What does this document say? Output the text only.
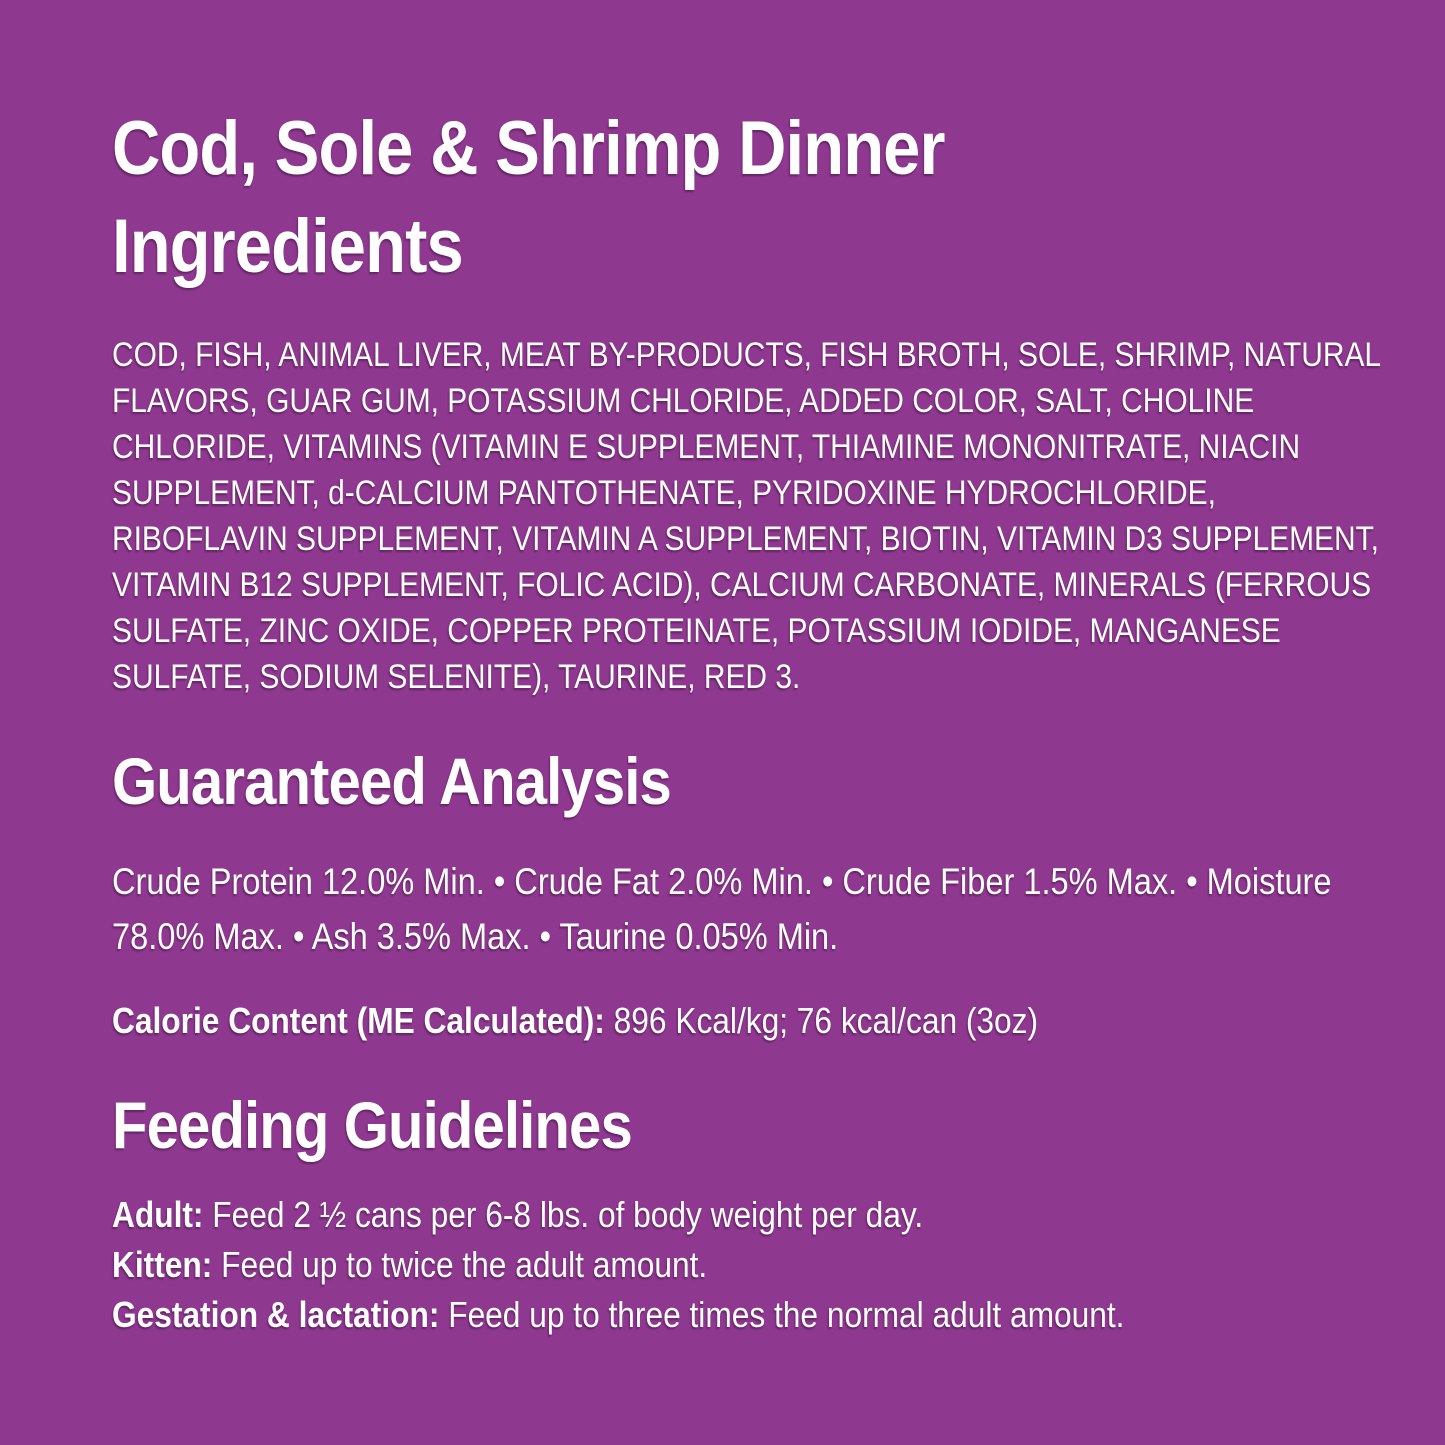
Cod, Sole & Shrimp Dinner
Ingredients

COD, FISH, ANIMAL LIVER, MEAT BY-PRODUCTS, FISH BROTH, SOLE, SHRIMP, NATURAL FLAVORS, GUAR GUM, POTASSIUM CHLORIDE, ADDED COLOR, SALT, CHOLINE CHLORIDE, VITAMINS (VITAMIN E SUPPLEMENT, THIAMINE MONONITRATE, NIACIN SUPPLEMENT, d-CALCIUM PANTOTHENATE, PYRIDOXINE HYDROCHLORIDE, RIBOFLAVIN SUPPLEMENT, VITAMIN A SUPPLEMENT, BIOTIN, VITAMIN D3 SUPPLEMENT, VITAMIN B12 SUPPLEMENT, FOLIC ACID), CALCIUM CARBONATE, MINERALS (FERROUS SULFATE, ZINC OXIDE, COPPER PROTEINATE, POTASSIUM IODIDE, MANGANESE SULFATE, SODIUM SELENITE), TAURINE, RED 3.

Guaranteed Analysis

Crude Protein 12.0% Min. • Crude Fat 2.0% Min. • Crude Fiber 1.5% Max. • Moisture 78.0% Max. • Ash 3.5% Max. • Taurine 0.05% Min.

Calorie Content (ME Calculated): 896 Kcal/kg; 76 kcal/can (3oz)

Feeding Guidelines
Adult: Feed 2 ½ cans per 6-8 lbs. of body weight per day.
Kitten: Feed up to twice the adult amount.
Gestation & lactation: Feed up to three times the normal adult amount.
